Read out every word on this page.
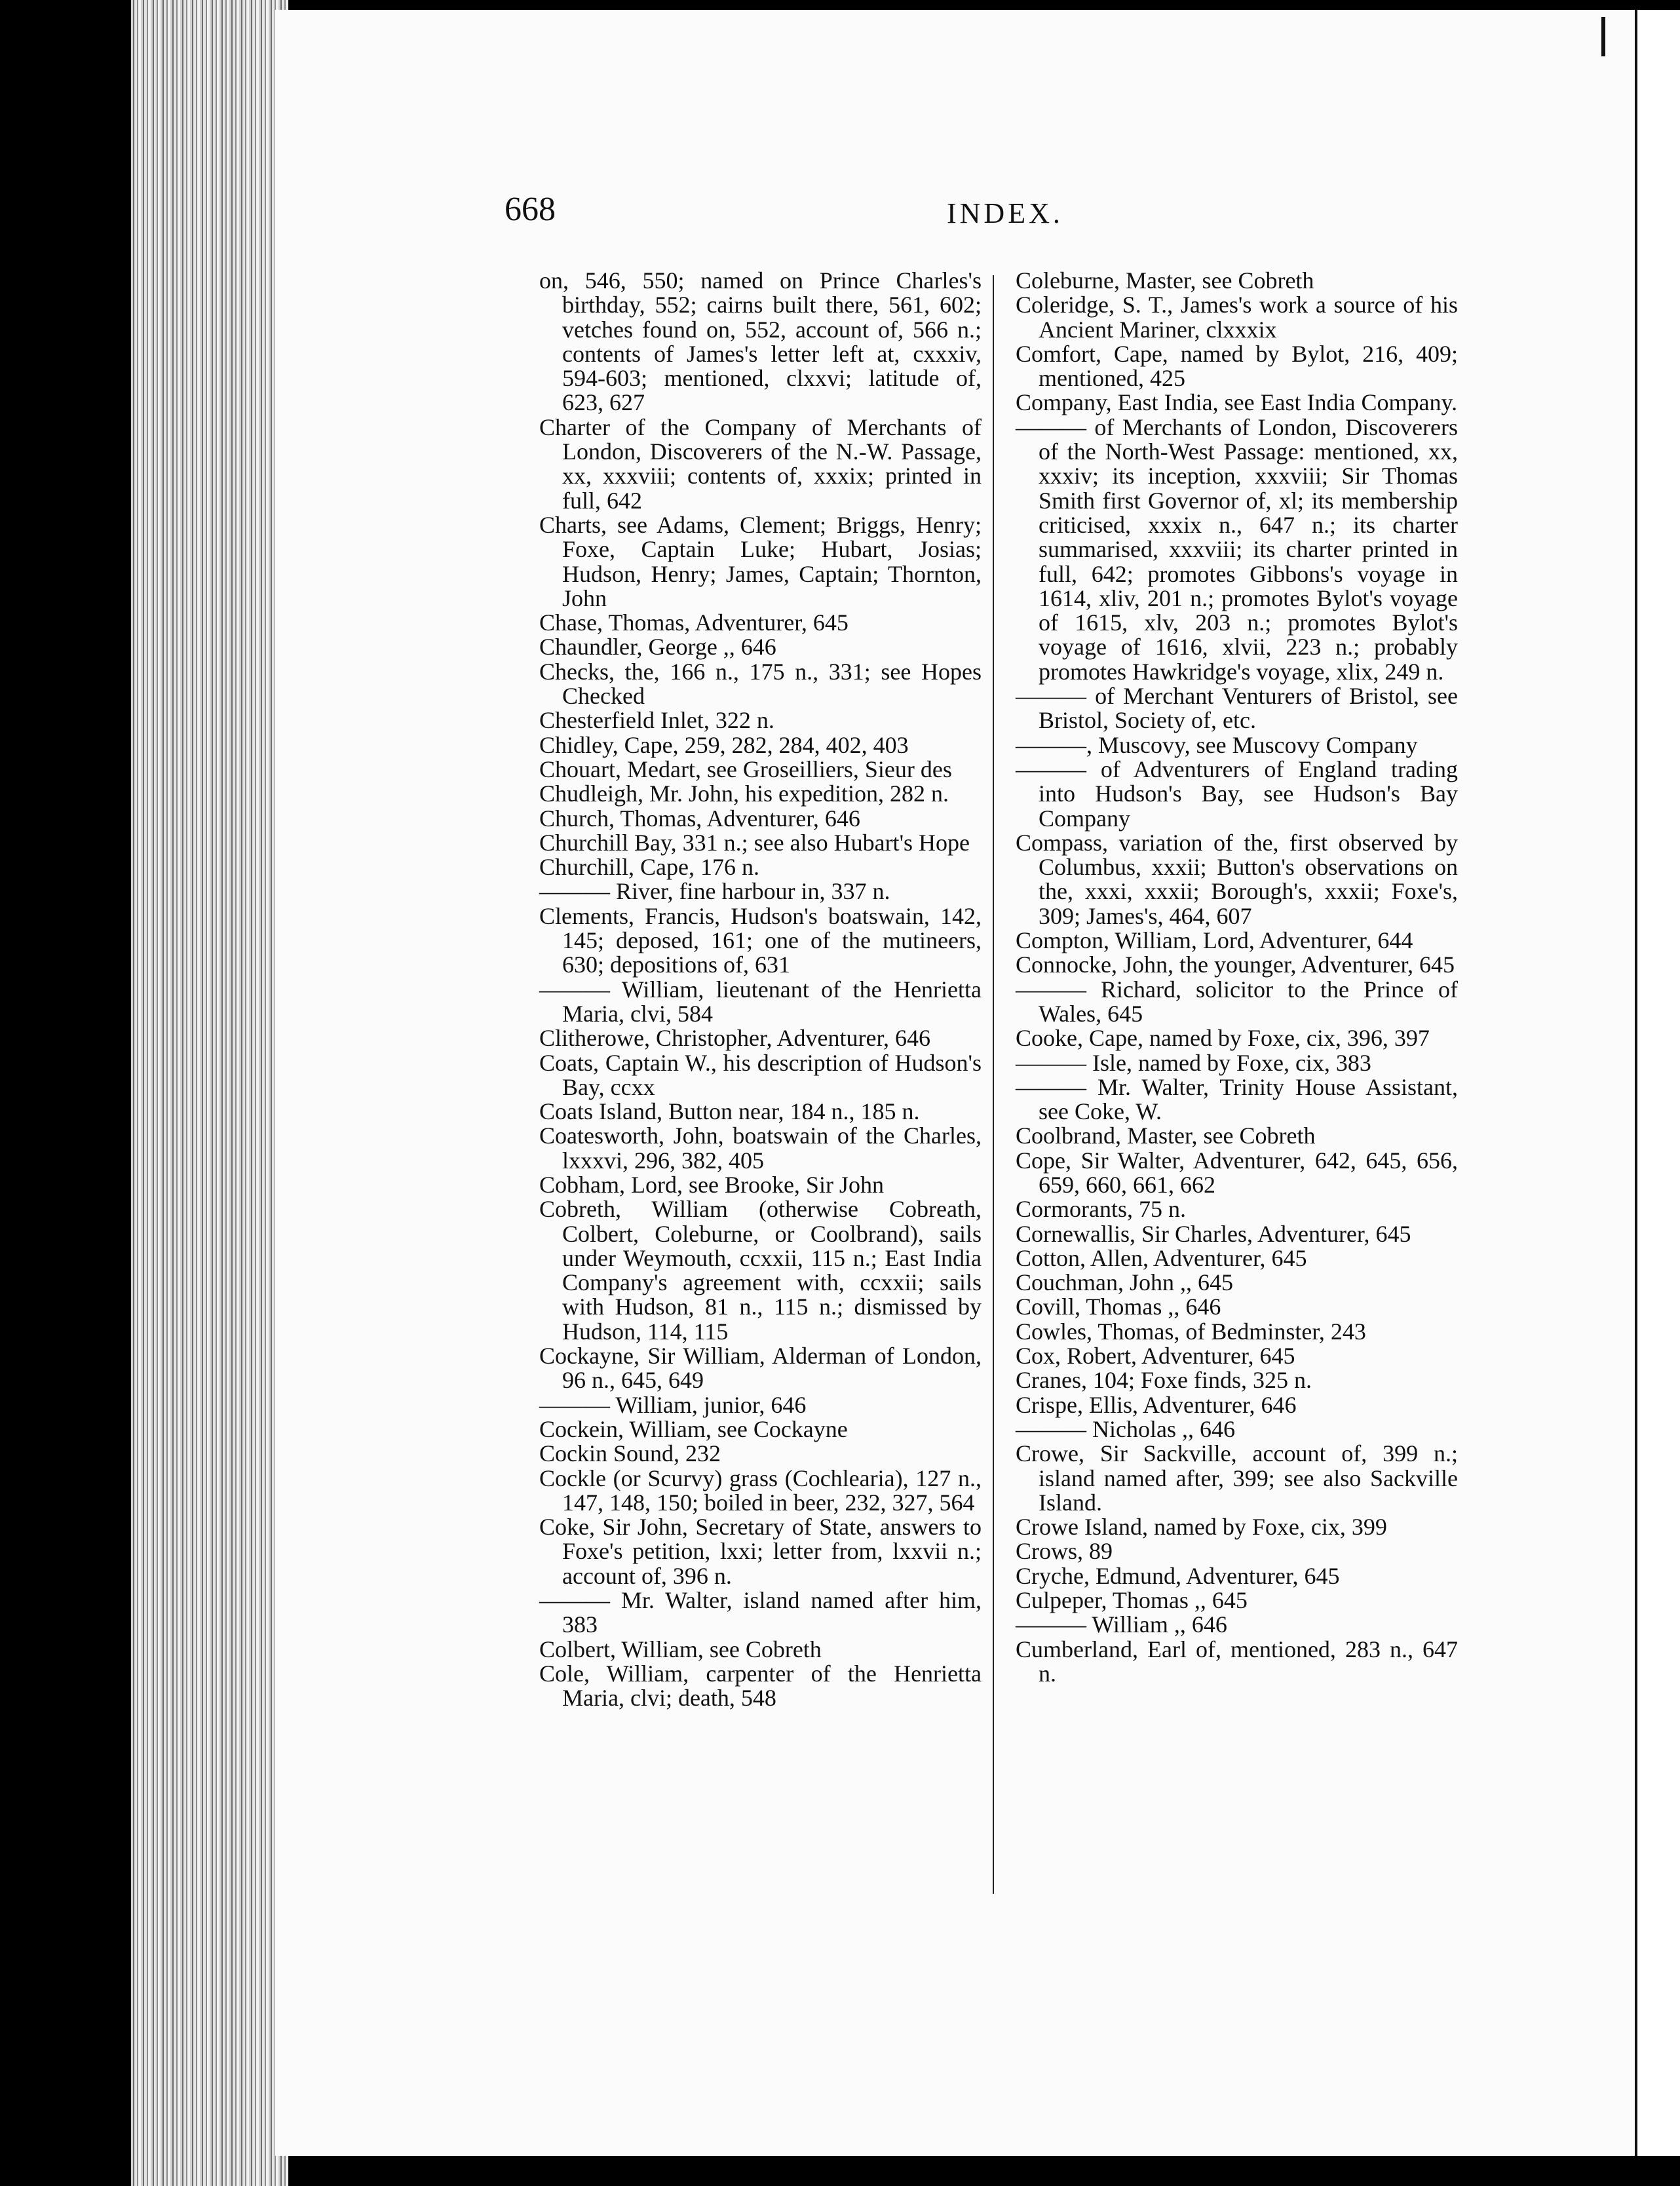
668	INDEX.
on, 546, 550; named on Prince Charles's birthday, 552; cairns built there, 561, 602; vetches found on, 552, account of, 566 n.; contents of James's letter left at, cxxxiv, 594-603; mentioned, clxxvi; latitude of, 623, 627
Charter of the Company of Merchants of London, Discoverers of the N.-W. Passage, xx, xxxviii; contents of, xxxix; printed in full, 642
Charts, see Adams, Clement; Briggs, Henry; Foxe, Captain Luke; Hubart, Josias; Hudson, Henry; James, Captain; Thornton, John
Chase, Thomas, Adventurer, 645
Chaundler, George ,, 646
Checks, the, 166 n., 175 n., 331; see Hopes Checked
Chesterfield Inlet, 322 n.
Chidley, Cape, 259, 282, 284, 402, 403
Chouart, Medart, see Groseilliers, Sieur des
Chudleigh, Mr. John, his expedition, 282 n.
Church, Thomas, Adventurer, 646
Churchill Bay, 331 n.; see also Hubart's Hope
Churchill, Cape, 176 n.
——— River, fine harbour in, 337 n.
Clements, Francis, Hudson's boatswain, 142, 145; deposed, 161; one of the mutineers, 630; depositions of, 631
——— William, lieutenant of the Henrietta Maria, clvi, 584
Clitherowe, Christopher, Adventurer, 646
Coats, Captain W., his description of Hudson's Bay, ccxx
Coats Island, Button near, 184 n., 185 n.
Coatesworth, John, boatswain of the Charles, lxxxvi, 296, 382, 405
Cobham, Lord, see Brooke, Sir John
Cobreth, William (otherwise Cobreath, Colbert, Coleburne, or Coolbrand), sails under Weymouth, ccxxii, 115 n.; East India Company's agreement with, ccxxii; sails with Hudson, 81 n., 115 n.; dismissed by Hudson, 114, 115
Cockayne, Sir William, Alderman of London, 96 n., 645, 649
——— William, junior, 646
Cockein, William, see Cockayne
Cockin Sound, 232
Cockle (or Scurvy) grass (Cochlearia), 127 n., 147, 148, 150; boiled in beer, 232, 327, 564
Coke, Sir John, Secretary of State, answers to Foxe's petition, lxxi; letter from, lxxvii n.; account of, 396 n.
——— Mr. Walter, island named after him, 383
Colbert, William, see Cobreth
Cole, William, carpenter of the Henrietta Maria, clvi; death, 548
Coleburne, Master, see Cobreth
Coleridge, S. T., James's work a source of his Ancient Mariner, clxxxix
Comfort, Cape, named by Bylot, 216, 409; mentioned, 425
Company, East India, see East India Company.
——— of Merchants of London, Discoverers of the North-West Passage: mentioned, xx, xxxiv; its inception, xxxviii; Sir Thomas Smith first Governor of, xl; its membership criticised, xxxix n., 647 n.; its charter summarised, xxxviii; its charter printed in full, 642; promotes Gibbons's voyage in 1614, xliv, 201 n.; promotes Bylot's voyage of 1615, xlv, 203 n.; promotes Bylot's voyage of 1616, xlvii, 223 n.; probably promotes Hawkridge's voyage, xlix, 249 n.
——— of Merchant Venturers of Bristol, see Bristol, Society of, etc.
———, Muscovy, see Muscovy Company
——— of Adventurers of England trading into Hudson's Bay, see Hudson's Bay Company
Compass, variation of the, first observed by Columbus, xxxii; Button's observations on the, xxxi, xxxii; Borough's, xxxii; Foxe's, 309; James's, 464, 607
Compton, William, Lord, Adventurer, 644
Connocke, John, the younger, Adventurer, 645
——— Richard, solicitor to the Prince of Wales, 645
Cooke, Cape, named by Foxe, cix, 396, 397
——— Isle, named by Foxe, cix, 383
——— Mr. Walter, Trinity House Assistant, see Coke, W.
Coolbrand, Master, see Cobreth
Cope, Sir Walter, Adventurer, 642, 645, 656, 659, 660, 661, 662
Cormorants, 75 n.
Cornewallis, Sir Charles, Adventurer, 645
Cotton, Allen, Adventurer, 645
Couchman, John ,, 645
Covill, Thomas ,, 646
Cowles, Thomas, of Bedminster, 243
Cox, Robert, Adventurer, 645
Cranes, 104; Foxe finds, 325 n.
Crispe, Ellis, Adventurer, 646
——— Nicholas ,, 646
Crowe, Sir Sackville, account of, 399 n.; island named after, 399; see also Sackville Island.
Crowe Island, named by Foxe, cix, 399
Crows, 89
Cryche, Edmund, Adventurer, 645
Culpeper, Thomas ,, 645
——— William ,, 646
Cumberland, Earl of, mentioned, 283 n., 647 n.
